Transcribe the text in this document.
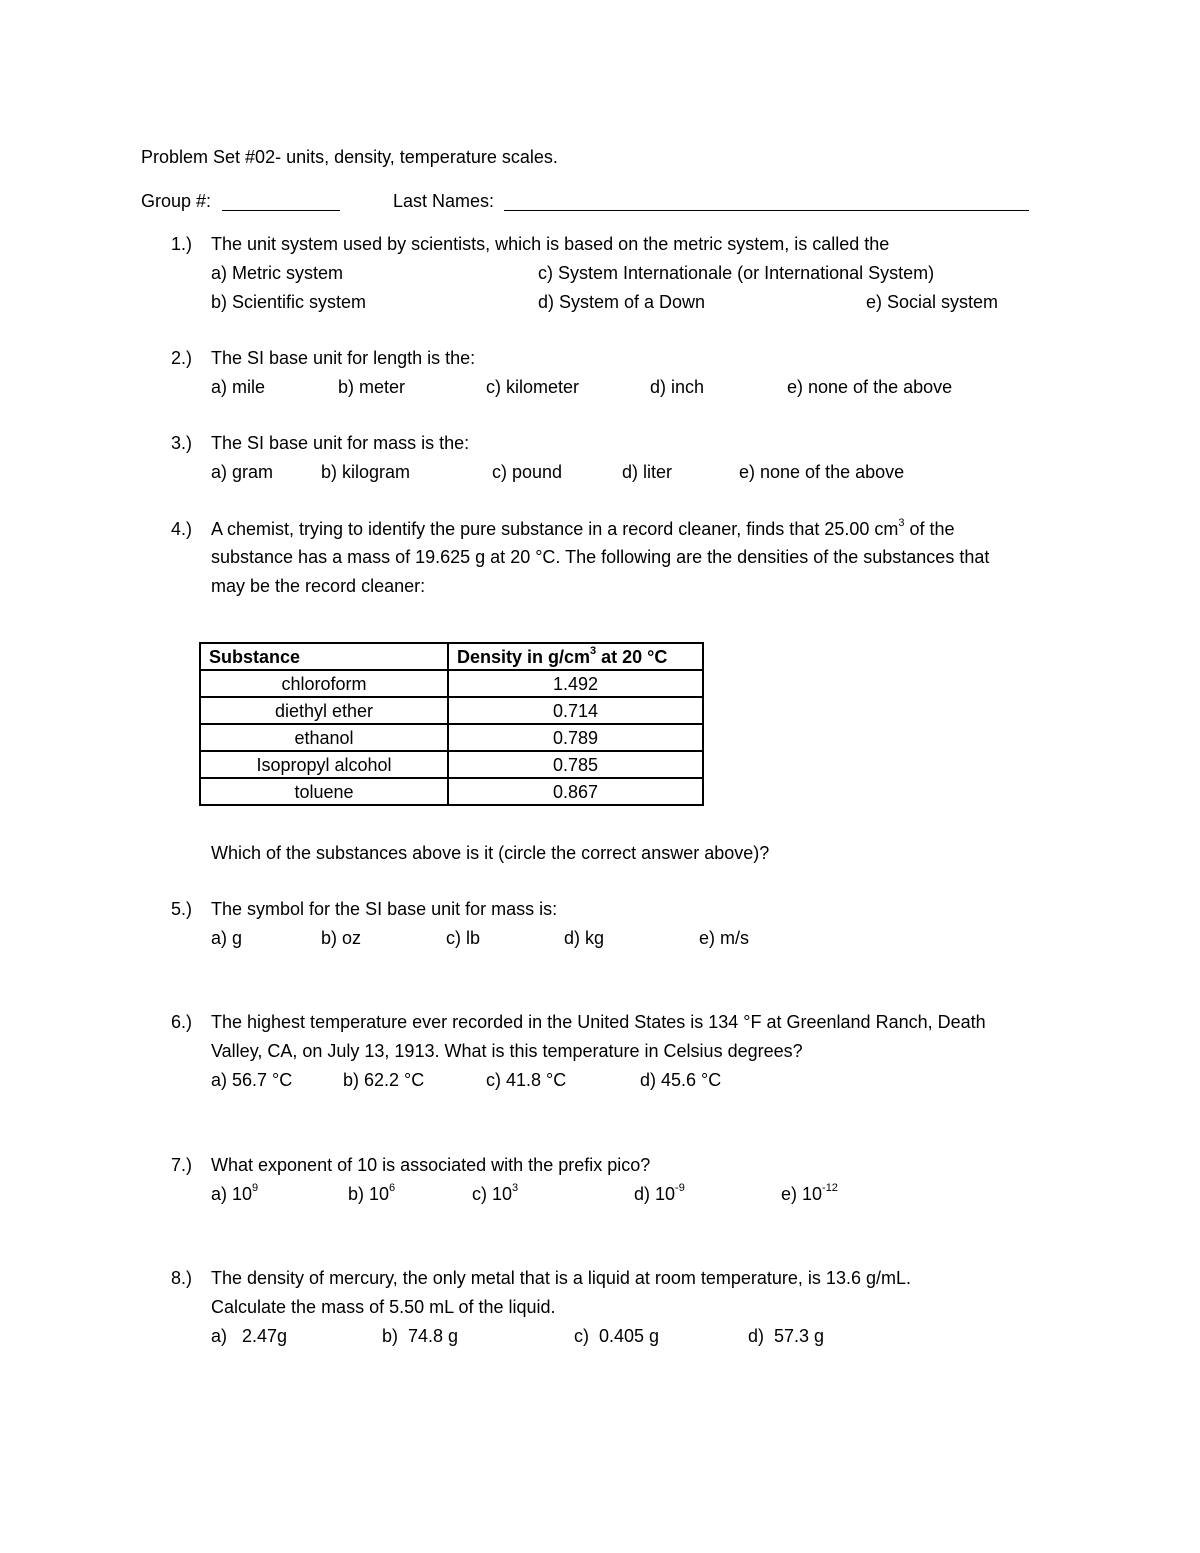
Problem Set #02- units, density, temperature scales.
Group #:	Last Names:
1.) The unit system used by scientists, which is based on the metric system, is called the
a) Metric system	c) System Internationale (or International System)
b) Scientific system	d) System of a Down	e) Social system
2.) The SI base unit for length is the:
a) mile	b) meter	c) kilometer	d) inch	e) none of the above
3.) The SI base unit for mass is the:
a) gram	b) kilogram	c) pound	d) liter	e) none of the above
4.) A chemist, trying to identify the pure substance in a record cleaner, finds that 25.00 $cm^3$ of the
substance has a mass of 19.625 g at 20 °C. The following are the densities of the substances that
may be the record cleaner:
Substance	Density in $g/cm^3$ at 20 °C
chloroform	1.492
diethyl ether	0.714
ethanol	0.789
Isopropyl alcohol	0.785
toluene	0.867
Which of the substances above is it (circle the correct answer above)?
5.) The symbol for the SI base unit for mass is:
a) g	b) oz	c) lb	d) kg	e) m/s
6.) The highest temperature ever recorded in the United States is 134 °F at Greenland Ranch, Death
Valley, CA, on July 13, 1913. What is this temperature in Celsius degrees?
a) 56.7 °C	b) 62.2 °C	c) 41.8 °C	d) 45.6 °C
7.) What exponent of 10 is associated with the prefix pico?
a) $10^9$	b) $10^6$	c) $10^3$	d) $10^{-9}$	e) $10^{-12}$
8.) The density of mercury, the only metal that is a liquid at room temperature, is 13.6 g/mL.
Calculate the mass of 5.50 mL of the liquid.
a)   2.47g	b)  74.8 g	c)  0.405 g	d)  57.3 g
